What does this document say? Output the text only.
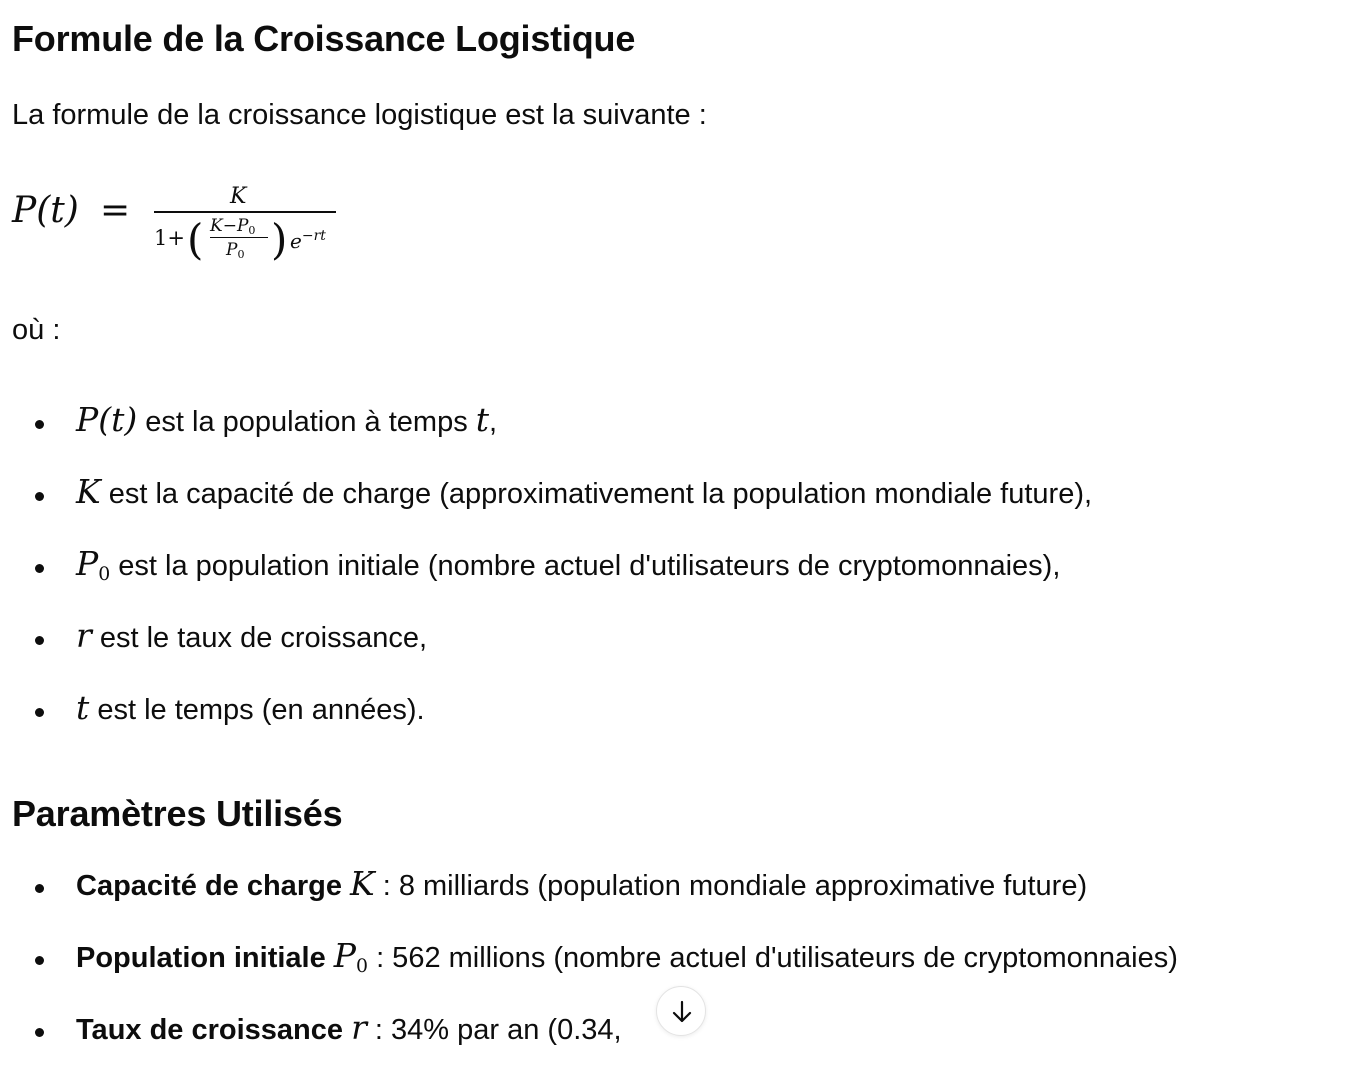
Formule de la Croissance Logistique

La formule de la croissance logistique est la suivante :

P(t) =	K
1+ ( $K-P_0$
$P_0$ ) $e^{-rt}$

où :

P(t) est la population à temps t,
K est la capacité de charge (approximativement la population mondiale future),
$P_0$ est la population initiale (nombre actuel d'utilisateurs de cryptomonnaies),
r est le taux de croissance,
t est le temps (en années).
Paramètres Utilisés
Capacité de charge K : 8 milliards (population mondiale approximative future)
Population initiale $P_0$ : 562 millions (nombre actuel d'utilisateurs de cryptomonnaies)
Taux de croissance r : 34% par an (0.34,
